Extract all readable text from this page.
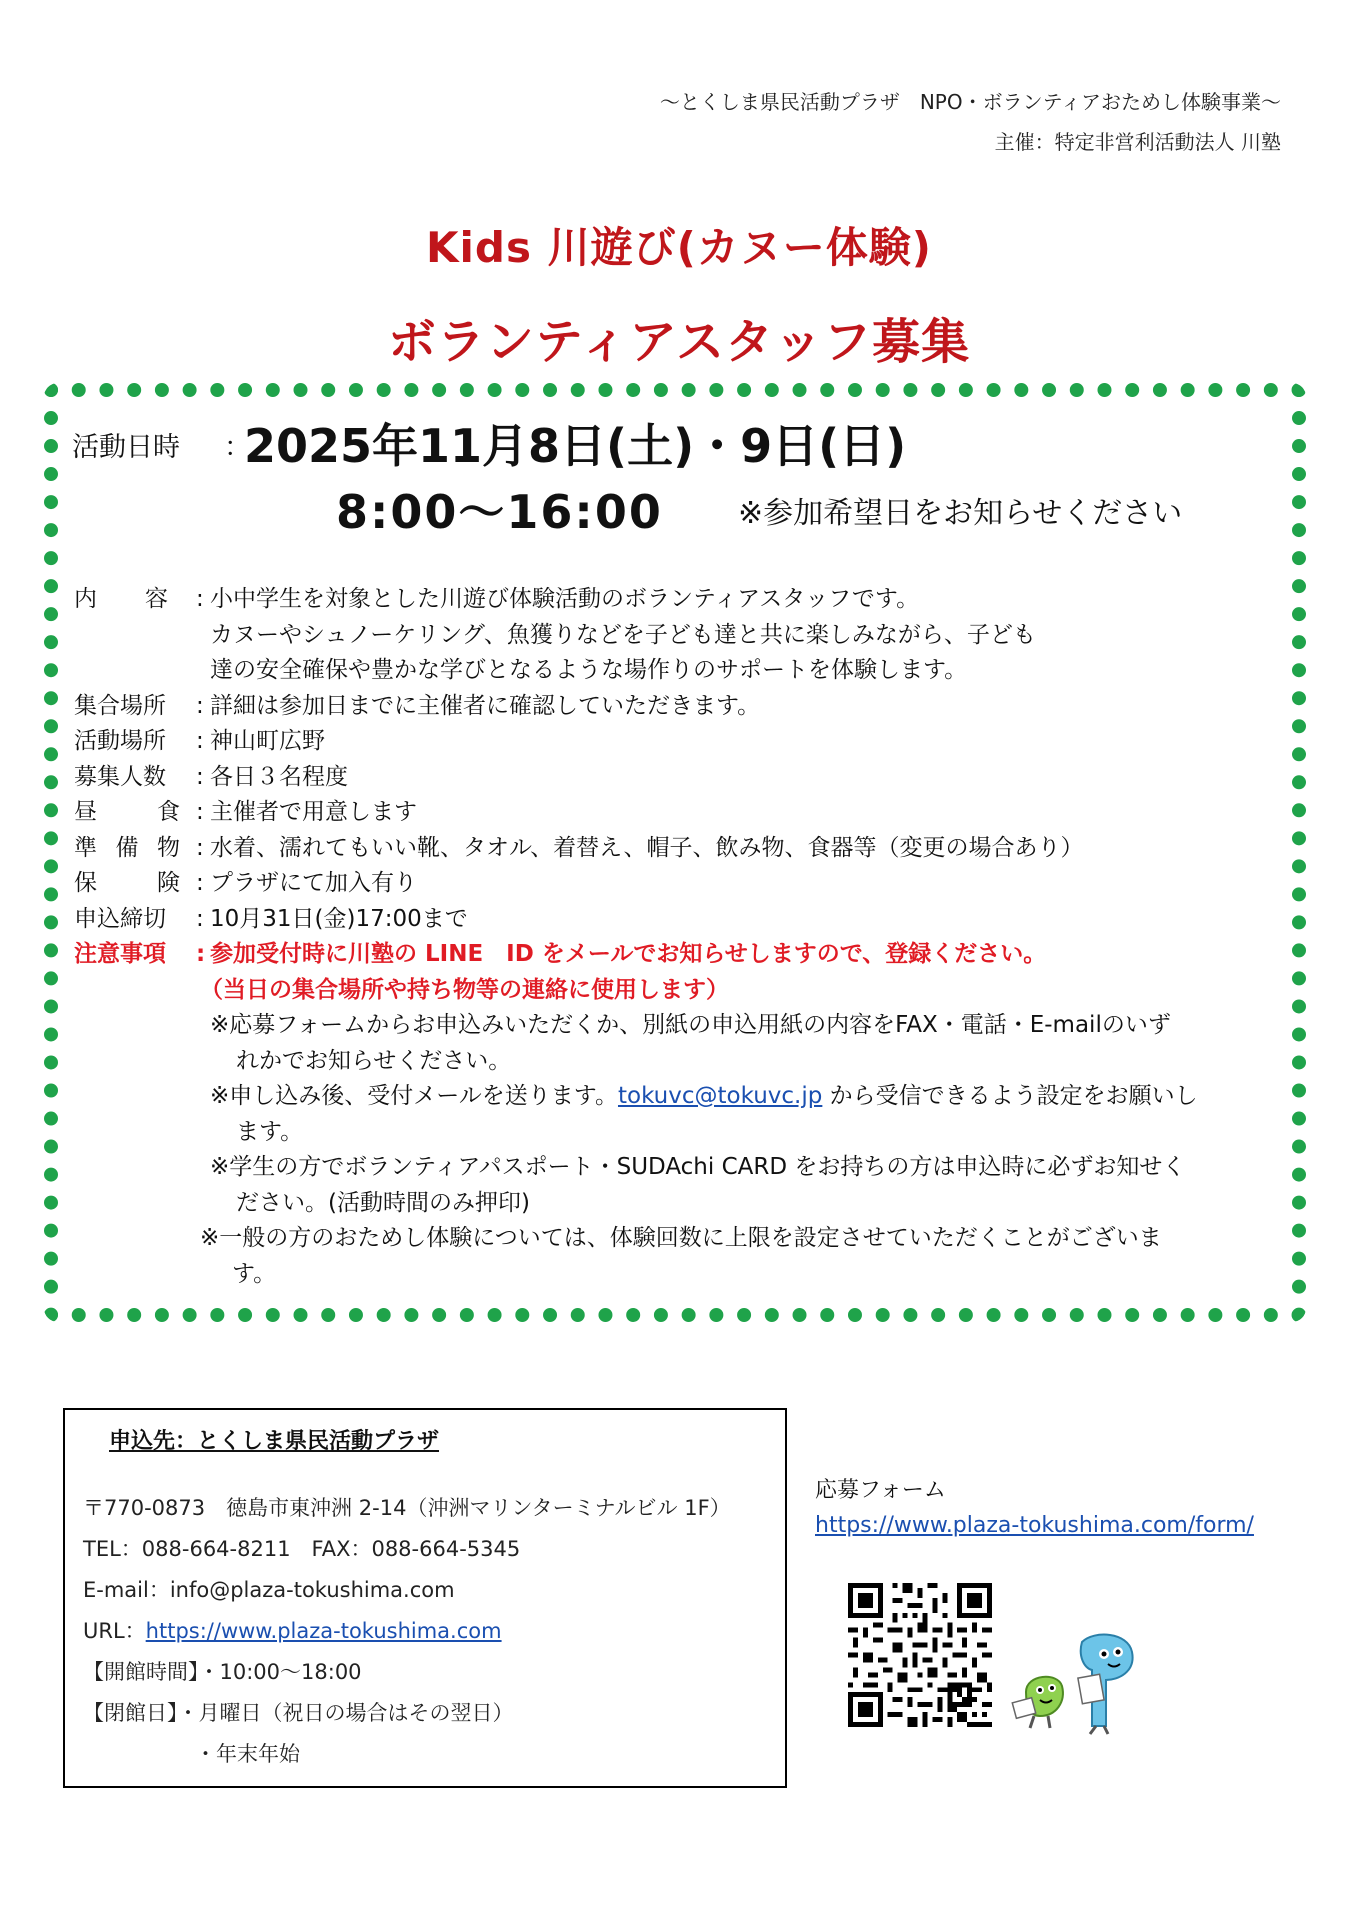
～とくしま県民活動プラザ　NPO・ボランティアおためし体験事業～
主催：特定非営利活動法人 川塾
Kids 川遊び(カヌー体験)
ボランティアスタッフ募集
活動日時 ：
2025年11月8日(土)・9日(日)
8:00～16:00	※参加希望日をお知らせください
内 容 : 小中学生を対象とした川遊び体験活動のボランティアスタッフです。
カヌーやシュノーケリング、魚獲りなどを子ども達と共に楽しみながら、子ども
達の安全確保や豊かな学びとなるような場作りのサポートを体験します。
集合場所	: 詳細は参加日までに主催者に確認していただきます。
活動場所	: 神山町広野
募集人数	: 各日３名程度
昼	食 : 主催者で用意します
準 備 物 : 水着、濡れてもいい靴、タオル、着替え、帽子、飲み物、食器等（変更の場合あり）
保	険 : プラザにて加入有り
申込締切	: 10月31日(金)17:00まで
注意事項	: 参加受付時に川塾の LINE　ID をメールでお知らせしますので、登録ください。
（当日の集合場所や持ち物等の連絡に使用します）
※応募フォームからお申込みいただくか、別紙の申込用紙の内容をFAX・電話・E-mailのいず
れかでお知らせください。
※申し込み後、受付メールを送ります。tokuvc@tokuvc.jp から受信できるよう設定をお願いし
ます。
※学生の方でボランティアパスポート・SUDAchi CARD をお持ちの方は申込時に必ずお知せく
ださい。(活動時間のみ押印)
※一般の方のおためし体験については、体験回数に上限を設定させていただくことがございま
す。
申込先：とくしま県民活動プラザ
〒770-0873　徳島市東沖洲 2-14（沖洲マリンターミナルビル 1F）
TEL：088-664-8211　FAX：088-664-5345
E-mail：info@plaza-tokushima.com
URL：https://www.plaza-tokushima.com
【開館時間】・10:00～18:00
【閉館日】・月曜日（祝日の場合はその翌日）
・年末年始
応募フォーム
https://www.plaza-tokushima.com/form/
